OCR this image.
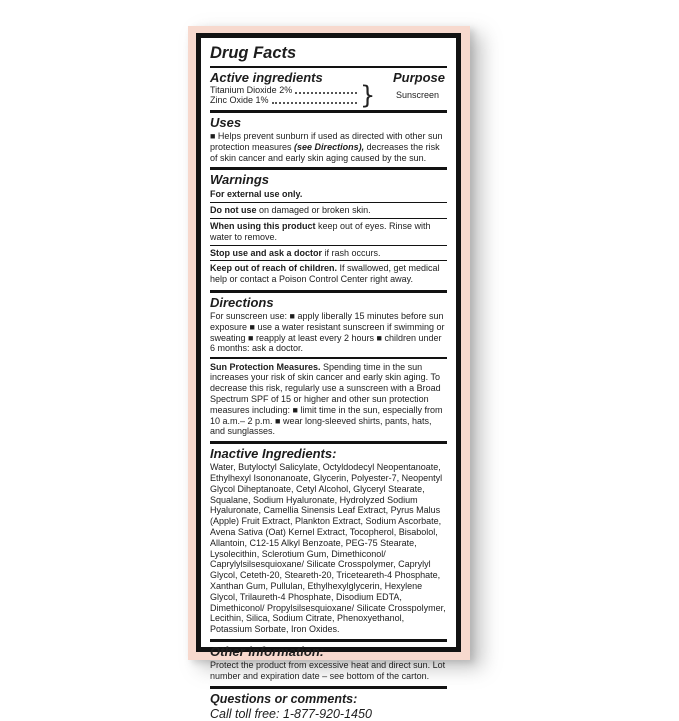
Drug Facts
Active ingredients
Titanium Dioxide 2%
Zinc Oxide 1%	}
Purpose
Sunscreen
Uses

■ Helps prevent sunburn if used as directed with other sun protection measures (see Directions), decreases the risk of skin cancer and early skin aging caused by the sun.

Warnings
For external use only.
Do not use on damaged or broken skin.
When using this product keep out of eyes. Rinse with water to remove.
Stop use and ask a doctor if rash occurs.
Keep out of reach of children. If swallowed, get medical help or contact a Poison Control Center right away.
Directions

For sunscreen use: ■ apply liberally 15 minutes before sun exposure ■ use a water resistant sunscreen if swimming or sweating ■ reapply at least every 2 hours ■ children under 6 months: ask a doctor.

Sun Protection Measures. Spending time in the sun increases your risk of skin cancer and early skin aging. To decrease this risk, regularly use a sunscreen with a Broad Spectrum SPF of 15 or higher and other sun protection measures including: ■ limit time in the sun, especially from 10 a.m.– 2 p.m. ■ wear long-sleeved shirts, pants, hats, and sunglasses.

Inactive Ingredients:

Water, Butyloctyl Salicylate, Octyldodecyl Neopentanoate, Ethylhexyl Isononanoate, Glycerin, Polyester-7, Neopentyl Glycol Diheptanoate, Cetyl Alcohol, Glyceryl Stearate, Squalane, Sodium Hyaluronate, Hydrolyzed Sodium Hyaluronate, Camellia Sinensis Leaf Extract, Pyrus Malus (Apple) Fruit Extract, Plankton Extract, Sodium Ascorbate, Avena Sativa (Oat) Kernel Extract, Tocopherol, Bisabolol, Allantoin, C12-15 Alkyl Benzoate, PEG-75 Stearate, Lysolecithin, Sclerotium Gum, Dimethiconol/ Caprylylsilsesquioxane/ Silicate Crosspolymer, Caprylyl Glycol, Ceteth-20, Steareth-20, Triceteareth-4 Phosphate, Xanthan Gum, Pullulan, Ethylhexylglycerin, Hexylene Glycol, Trilaureth-4 Phosphate, Disodium EDTA, Dimethiconol/ Propylsilsesquioxane/ Silicate Crosspolymer, Lecithin, Silica, Sodium Citrate, Phenoxyethanol, Potassium Sorbate, Iron Oxides.

Other information:

Protect the product from excessive heat and direct sun. Lot number and expiration date – see bottom of the carton.

Questions or comments:
Call toll free: 1-877-920-1450
